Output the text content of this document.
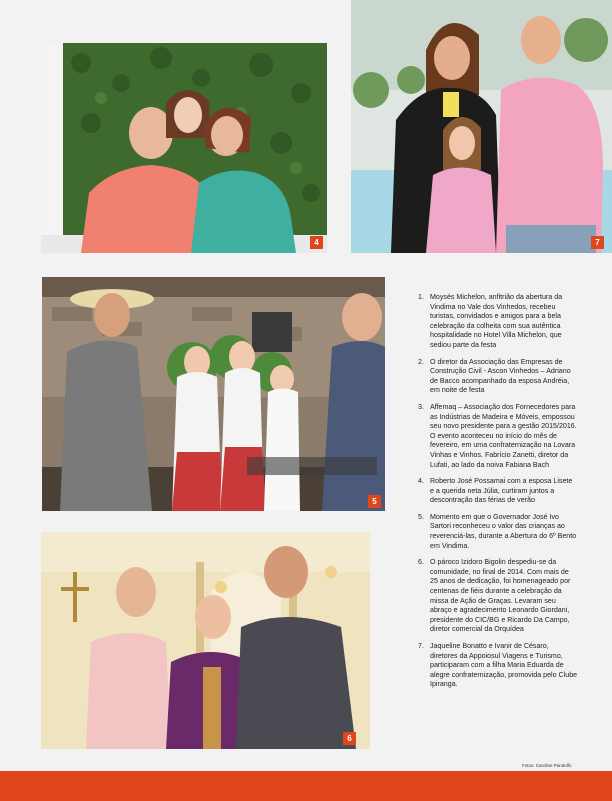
4	7
5
6
1. Moysés Michelon, anfitrião da abertura da Vindima no Vale dos Vinhedos, recebeu turistas, convidados e amigos para a bela celebração da colheita com sua autêntica hospitalidade no Hotel Villa Michelon, que sediou parte da festa
2. O diretor da Associação das Empresas de Construção Civil - Ascon Vinhedos – Adriano de Bacco acompanhado da esposa Andréia, em noite de festa
3. Affemaq – Associação dos Fornecedores para as Indústrias de Madeira e Móveis, empossou seu novo presidente para a gestão 2015/2016. O evento aconteceu no início do mês de fevereiro, em uma confraternização na Lovara Vinhas e Vinhos. Fabrício Zanetti, diretor da Lufati, ao lado da noiva Fabiana Bach
4. Roberto José Possamai com a esposa Lisete e a querida neta Júlia, curtiram juntos a descontração das férias de verão
5. Momento em que o Governador José Ivo Sartori reconheceu o valor das crianças ao reverenciá-las, durante a Abertura do 6º Bento em Vindima.
6. O pároco Izidoro Bigolin despediu-se da comunidade, no final de 2014. Com mais de 25 anos de dedicação, foi homenageado por centenas de fiéis durante a celebração da missa de Ação de Graças. Levaram seu abraço e agradecimento Leonardo Giordani, presidente do CIC/BG e Ricardo Da Campo, diretor comercial da Orquídea
7. Jaqueline Bonatto e Ivanir de Césaro, diretores da Appoiosul Viagens e Turismo, participaram com a filha Maria Eduarda de alegre confraternização, promovida pelo Clube Ipiranga.
Fotos: Caroline Pandolfo
